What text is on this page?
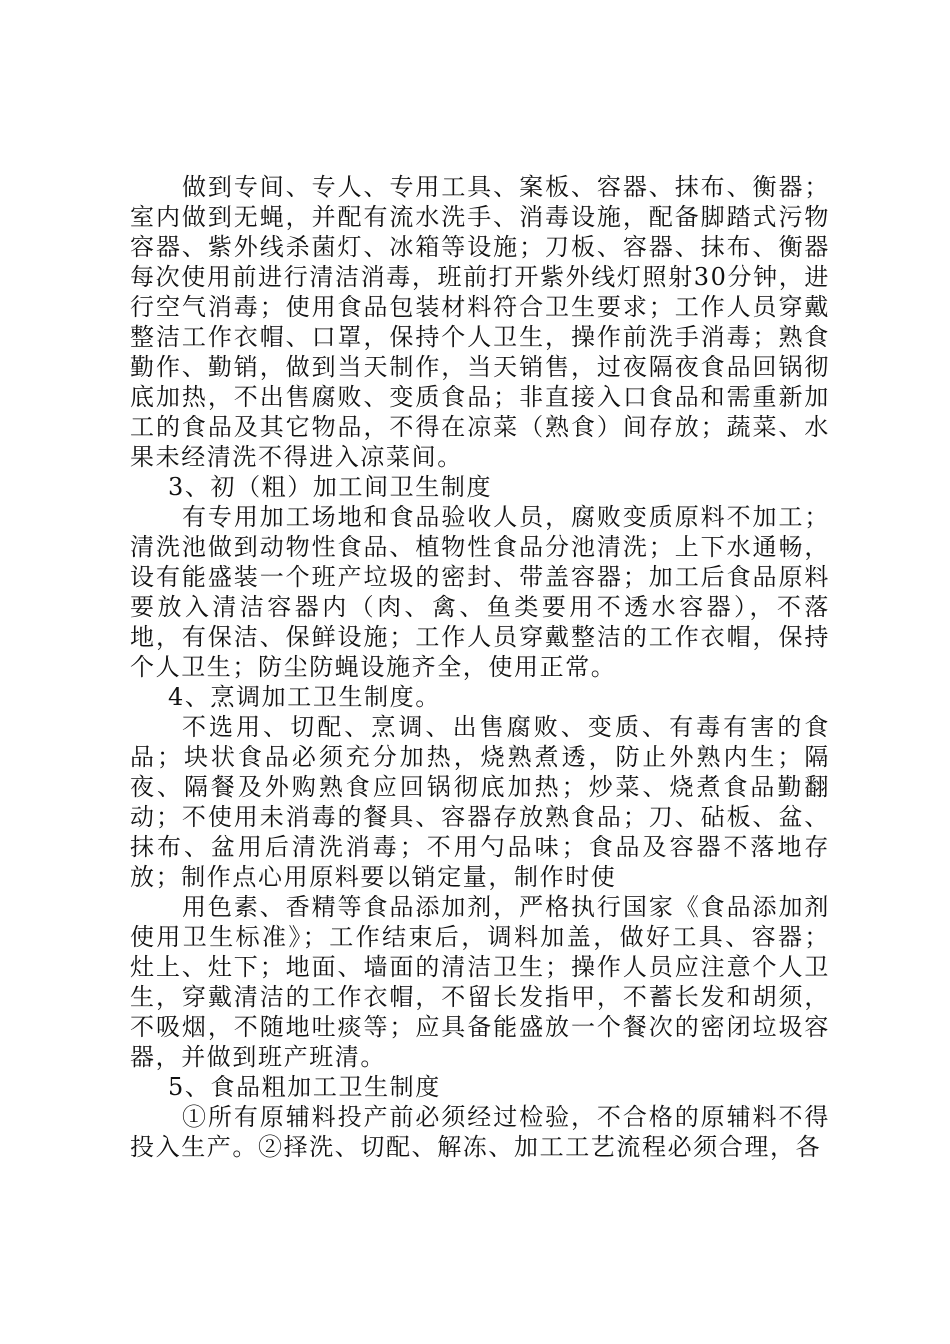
做到专间、专人、专用工具、案板、容器、抹布、衡器；室内做到无蝇，并配有流水洗手、消毒设施，配备脚踏式污物容器、紫外线杀菌灯、冰箱等设施；刀板、容器、抹布、衡器每次使用前进行清洁消毒，班前打开紫外线灯照射30分钟，进行空气消毒；使用食品包装材料符合卫生要求；工作人员穿戴整洁工作衣帽、口罩，保持个人卫生，操作前洗手消毒；熟食勤作、勤销，做到当天制作，当天销售，过夜隔夜食品回锅彻底加热，不出售腐败、变质食品；非直接入口食品和需重新加工的食品及其它物品，不得在凉菜（熟食）间存放；蔬菜、水果未经清洗不得进入凉菜间。

3、初（粗）加工间卫生制度

有专用加工场地和食品验收人员，腐败变质原料不加工；清洗池做到动物性食品、植物性食品分池清洗；上下水通畅，设有能盛装一个班产垃圾的密封、带盖容器；加工后食品原料要放入清洁容器内（肉、禽、鱼类要用不透水容器），不落地，有保洁、保鲜设施；工作人员穿戴整洁的工作衣帽，保持个人卫生；防尘防蝇设施齐全，使用正常。

4、烹调加工卫生制度。

不选用、切配、烹调、出售腐败、变质、有毒有害的食品；块状食品必须充分加热，烧熟煮透，防止外熟内生；隔夜、隔餐及外购熟食应回锅彻底加热；炒菜、烧煮食品勤翻动；不使用未消毒的餐具、容器存放熟食品；刀、砧板、盆、抹布、盆用后清洗消毒；不用勺品味；食品及容器不落地存放；制作点心用原料要以销定量，制作时使

用色素、香精等食品添加剂，严格执行国家《食品添加剂使用卫生标准》；工作结束后，调料加盖，做好工具、容器；灶上、灶下；地面、墙面的清洁卫生；操作人员应注意个人卫生，穿戴清洁的工作衣帽，不留长发指甲，不蓄长发和胡须，不吸烟，不随地吐痰等；应具备能盛放一个餐次的密闭垃圾容器，并做到班产班清。

5、食品粗加工卫生制度

①所有原辅料投产前必须经过检验，不合格的原辅料不得投入生产。②择洗、切配、解冻、加工工艺流程必须合理，各
